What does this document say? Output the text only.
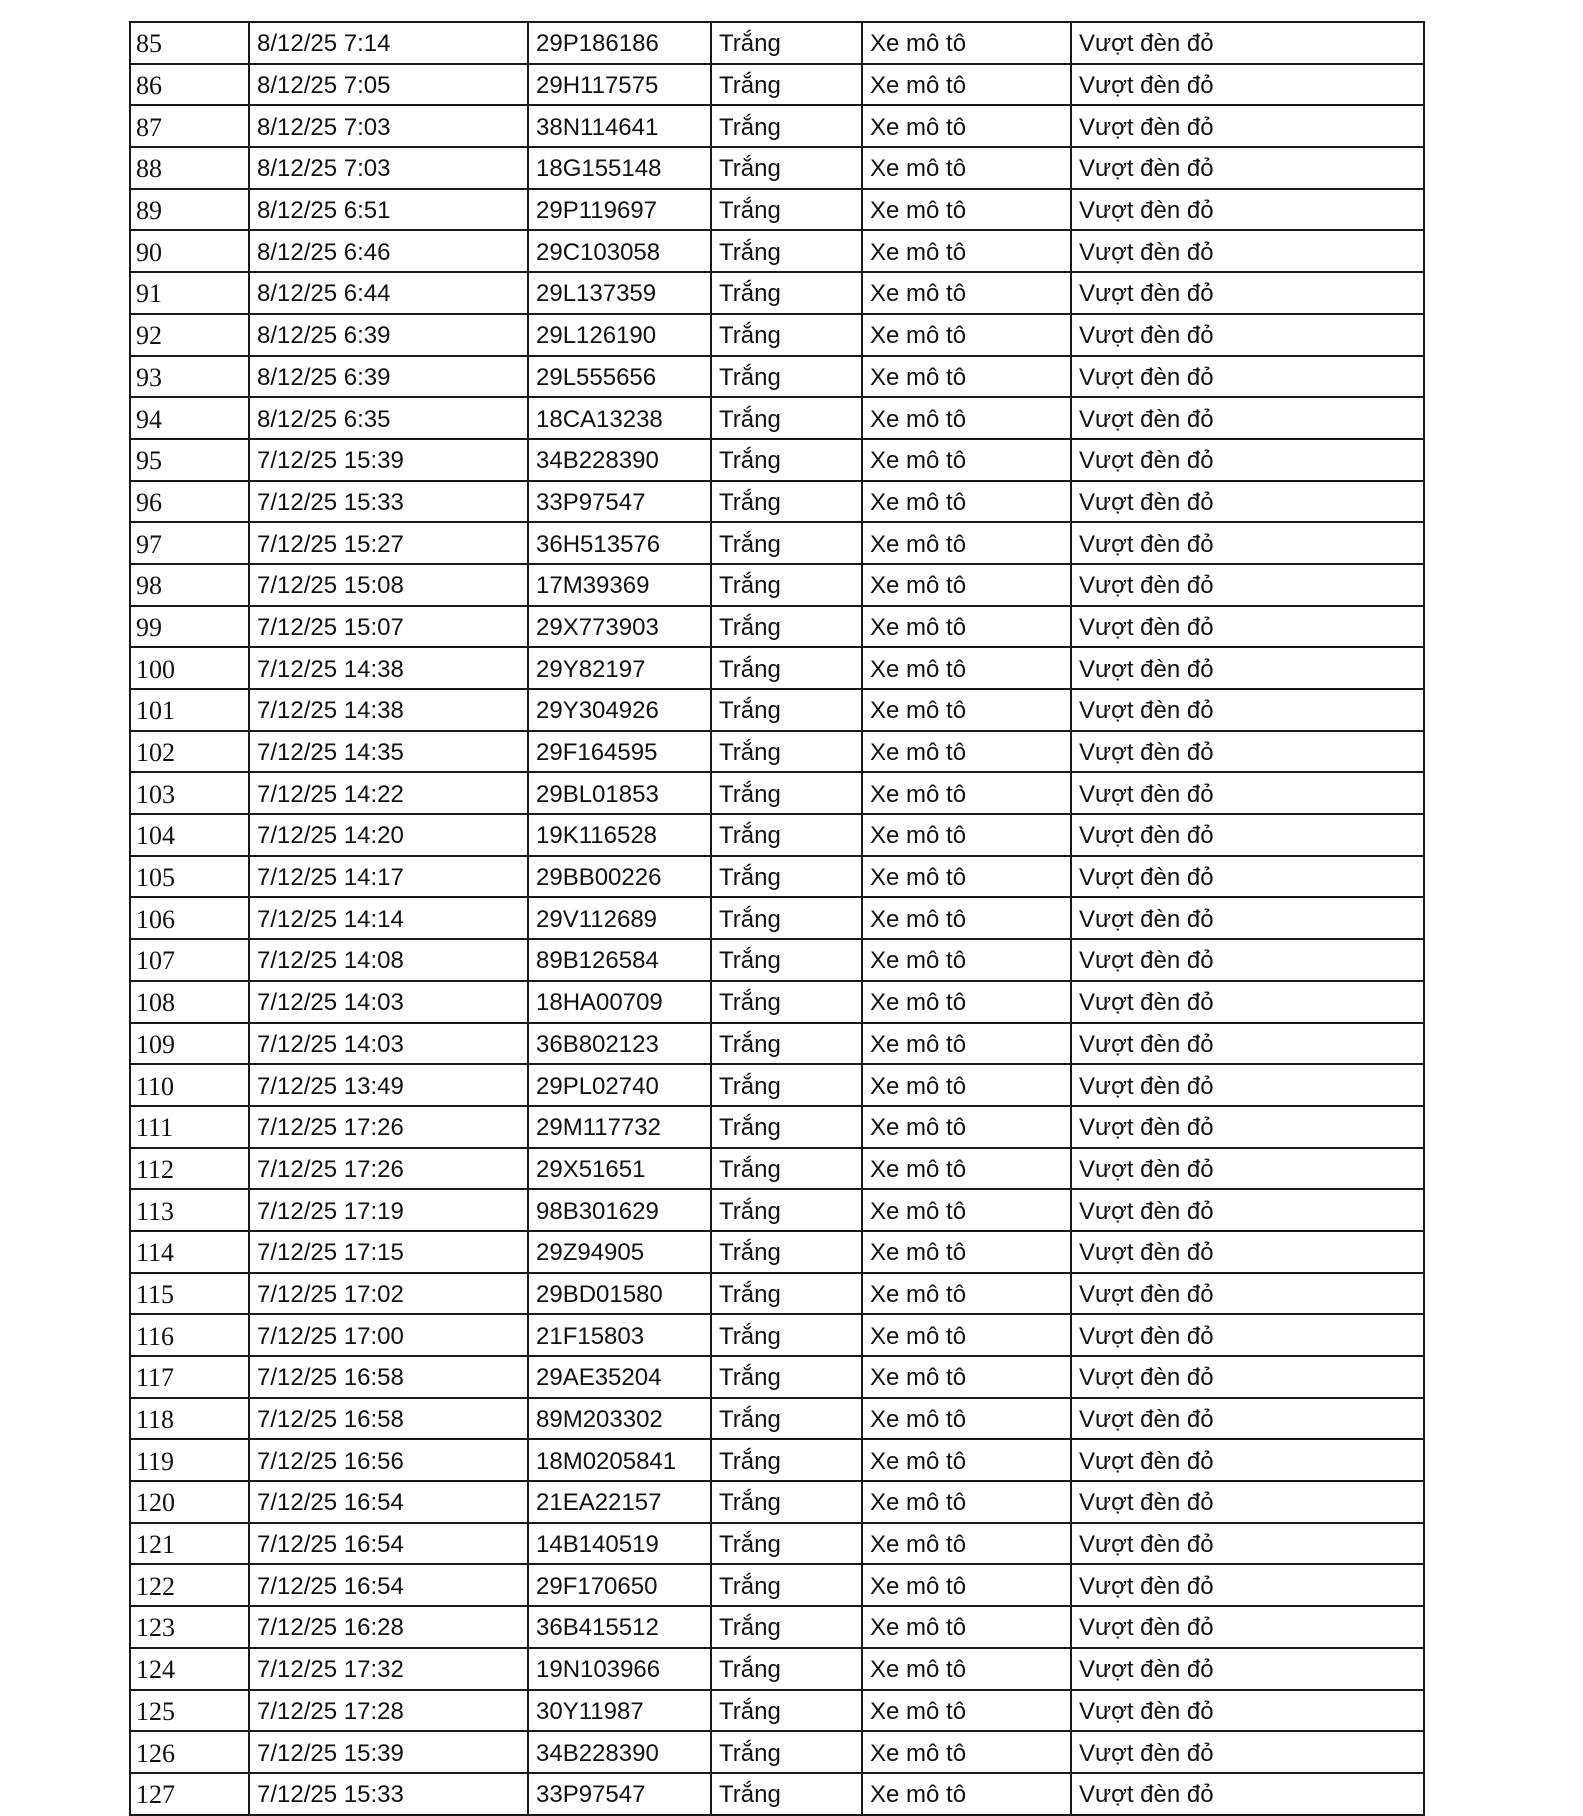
85	8/12/25 7:14	29P186186	Trắng	Xe mô tô	Vượt đèn đỏ
86	8/12/25 7:05	29H117575	Trắng	Xe mô tô	Vượt đèn đỏ
87	8/12/25 7:03	38N114641	Trắng	Xe mô tô	Vượt đèn đỏ
88	8/12/25 7:03	18G155148	Trắng	Xe mô tô	Vượt đèn đỏ
89	8/12/25 6:51	29P119697	Trắng	Xe mô tô	Vượt đèn đỏ
90	8/12/25 6:46	29C103058	Trắng	Xe mô tô	Vượt đèn đỏ
91	8/12/25 6:44	29L137359	Trắng	Xe mô tô	Vượt đèn đỏ
92	8/12/25 6:39	29L126190	Trắng	Xe mô tô	Vượt đèn đỏ
93	8/12/25 6:39	29L555656	Trắng	Xe mô tô	Vượt đèn đỏ
94	8/12/25 6:35	18CA13238	Trắng	Xe mô tô	Vượt đèn đỏ
95	7/12/25 15:39	34B228390	Trắng	Xe mô tô	Vượt đèn đỏ
96	7/12/25 15:33	33P97547	Trắng	Xe mô tô	Vượt đèn đỏ
97	7/12/25 15:27	36H513576	Trắng	Xe mô tô	Vượt đèn đỏ
98	7/12/25 15:08	17M39369	Trắng	Xe mô tô	Vượt đèn đỏ
99	7/12/25 15:07	29X773903	Trắng	Xe mô tô	Vượt đèn đỏ
100	7/12/25 14:38	29Y82197	Trắng	Xe mô tô	Vượt đèn đỏ
101	7/12/25 14:38	29Y304926	Trắng	Xe mô tô	Vượt đèn đỏ
102	7/12/25 14:35	29F164595	Trắng	Xe mô tô	Vượt đèn đỏ
103	7/12/25 14:22	29BL01853	Trắng	Xe mô tô	Vượt đèn đỏ
104	7/12/25 14:20	19K116528	Trắng	Xe mô tô	Vượt đèn đỏ
105	7/12/25 14:17	29BB00226	Trắng	Xe mô tô	Vượt đèn đỏ
106	7/12/25 14:14	29V112689	Trắng	Xe mô tô	Vượt đèn đỏ
107	7/12/25 14:08	89B126584	Trắng	Xe mô tô	Vượt đèn đỏ
108	7/12/25 14:03	18HA00709	Trắng	Xe mô tô	Vượt đèn đỏ
109	7/12/25 14:03	36B802123	Trắng	Xe mô tô	Vượt đèn đỏ
110	7/12/25 13:49	29PL02740	Trắng	Xe mô tô	Vượt đèn đỏ
111	7/12/25 17:26	29M117732	Trắng	Xe mô tô	Vượt đèn đỏ
112	7/12/25 17:26	29X51651	Trắng	Xe mô tô	Vượt đèn đỏ
113	7/12/25 17:19	98B301629	Trắng	Xe mô tô	Vượt đèn đỏ
114	7/12/25 17:15	29Z94905	Trắng	Xe mô tô	Vượt đèn đỏ
115	7/12/25 17:02	29BD01580	Trắng	Xe mô tô	Vượt đèn đỏ
116	7/12/25 17:00	21F15803	Trắng	Xe mô tô	Vượt đèn đỏ
117	7/12/25 16:58	29AE35204	Trắng	Xe mô tô	Vượt đèn đỏ
118	7/12/25 16:58	89M203302	Trắng	Xe mô tô	Vượt đèn đỏ
119	7/12/25 16:56	18M0205841	Trắng	Xe mô tô	Vượt đèn đỏ
120	7/12/25 16:54	21EA22157	Trắng	Xe mô tô	Vượt đèn đỏ
121	7/12/25 16:54	14B140519	Trắng	Xe mô tô	Vượt đèn đỏ
122	7/12/25 16:54	29F170650	Trắng	Xe mô tô	Vượt đèn đỏ
123	7/12/25 16:28	36B415512	Trắng	Xe mô tô	Vượt đèn đỏ
124	7/12/25 17:32	19N103966	Trắng	Xe mô tô	Vượt đèn đỏ
125	7/12/25 17:28	30Y11987	Trắng	Xe mô tô	Vượt đèn đỏ
126	7/12/25 15:39	34B228390	Trắng	Xe mô tô	Vượt đèn đỏ
127	7/12/25 15:33	33P97547	Trắng	Xe mô tô	Vượt đèn đỏ
